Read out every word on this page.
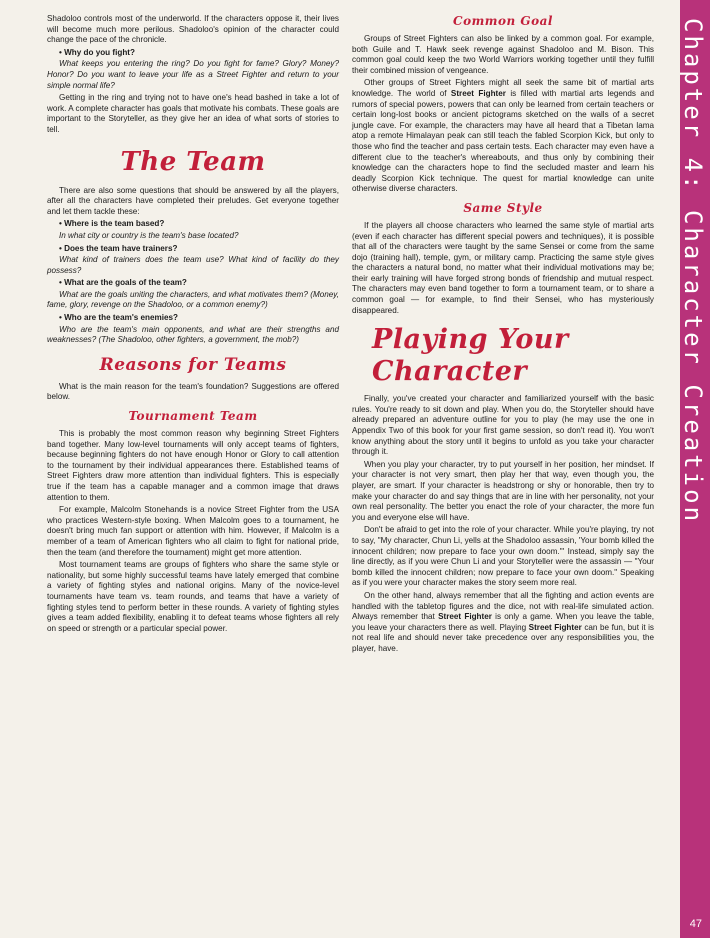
Shadoloo controls most of the underworld. If the characters oppose it, their lives will become much more perilous. Shadoloo's opinion of the character could change the pace of the chronicle.

• Why do you fight?

What keeps you entering the ring? Do you fight for fame? Glory? Money? Honor? Do you want to leave your life as a Street Fighter and return to your simple normal life?

Getting in the ring and trying not to have one's head bashed in take a lot of work. A complete character has goals that motivate his combats. These goals are important to the Storyteller, as they give her an idea of what sorts of stories to tell.

The Team

There are also some questions that should be answered by all the players, after all the characters have completed their preludes. Get everyone together and let them tackle these:

• Where is the team based?

In what city or country is the team's base located?

• Does the team have trainers?

What kind of trainers does the team use? What kind of facility do they possess?

• What are the goals of the team?

What are the goals uniting the characters, and what motivates them? (Money, fame, glory, revenge on the Shadoloo, or a common enemy?)

• Who are the team's enemies?

Who are the team's main opponents, and what are their strengths and weaknesses? (The Shadoloo, other fighters, a government, the mob?)

Reasons for Teams

What is the main reason for the team's foundation? Suggestions are offered below.

Tournament Team

This is probably the most common reason why beginning Street Fighters band together. Many low-level tournaments will only accept teams of fighters, because beginning fighters do not have enough Honor or Glory to call attention to the tournament by their individual appearances there. Established teams of Street Fighters draw more attention than individual fighters. This is especially true if the team has a capable manager and a common image that draws attention to them.

For example, Malcolm Stonehands is a novice Street Fighter from the USA who practices Western-style boxing. When Malcolm goes to a tournament, he doesn't bring much fan support or attention with him. However, if Malcolm is a member of a team of American fighters who all claim to fight for national pride, then the team (and therefore the tournament) might get more attention.

Most tournament teams are groups of fighters who share the same style or nationality, but some highly successful teams have lately emerged that combine a variety of fighting styles and national origins. Many of the novice-level tournaments have team vs. team rounds, and teams that have a variety of fighting styles tend to perform better in these rounds. A variety of fighting styles gives a team added flexibility, enabling it to defeat teams whose fighters all rely on speed or strength or a particular special power.

Common Goal

Groups of Street Fighters can also be linked by a common goal. For example, both Guile and T. Hawk seek revenge against Shadoloo and M. Bison. This common goal could keep the two World Warriors working together until they fulfill their combined mission of vengeance.

Other groups of Street Fighters might all seek the same bit of martial arts knowledge. The world of Street Fighter is filled with martial arts legends and rumors of special powers, powers that can only be learned from certain teachers or certain long-lost books or ancient pictograms sketched on the walls of a secret jungle cave. For example, the characters may have all heard that a Tibetan lama atop a remote Himalayan peak can still teach the fabled Scorpion Kick, but only to those who find the teacher and pass certain tests. Each character may even have a different clue to the teacher's whereabouts, and thus only by combining their knowledge can the characters hope to find the secluded master and learn his deadly Scorpion Kick technique. The quest for martial knowledge can unite otherwise diverse characters.

Same Style

If the players all choose characters who learned the same style of martial arts (even if each character has different special powers and techniques), it is possible that all of the characters were taught by the same Sensei or come from the same dojo (training hall), temple, gym, or military camp. Practicing the same style gives the characters a natural bond, no matter what their individual motivations may be; their early training will have forged strong bonds of friendship and mutual respect. The characters may even band together to form a tournament team, or to share a common goal — for example, to find their Sensei, who has mysteriously disappeared.

Playing Your Character

Finally, you've created your character and familiarized yourself with the basic rules. You're ready to sit down and play. When you do, the Storyteller should have already prepared an adventure outline for you to play (he may use the one in Appendix Two of this book for your first game session, so don't read it). You won't know anything about the story until it begins to unfold as you take your character through it.

When you play your character, try to put yourself in her position, her mindset. If your character is not very smart, then play her that way, even though you, the player, are smart. If your character is headstrong or shy or honorable, then try to make your character do and say things that are in line with her personality, not your own real personality. The better you enact the role of your character, the more fun you and everyone else will have.

Don't be afraid to get into the role of your character. While you're playing, try not to say, "My character, Chun Li, yells at the Shadoloo assassin, 'Your bomb killed the innocent children; now prepare to face your own doom.'" Instead, simply say the line directly, as if you were Chun Li and your Storyteller were the assassin — "Your bomb killed the innocent children; now prepare to face your own doom." Speaking as if you were your character makes the story seem more real.

On the other hand, always remember that all the fighting and action events are handled with the tabletop figures and the dice, not with real-life simulated action. Always remember that Street Fighter is only a game. When you leave the table, you leave your characters there as well. Playing Street Fighter can be fun, but it is not real life and should never take precedence over any responsibilities you, the player, have.

Chapter 4: Character Creation
47
